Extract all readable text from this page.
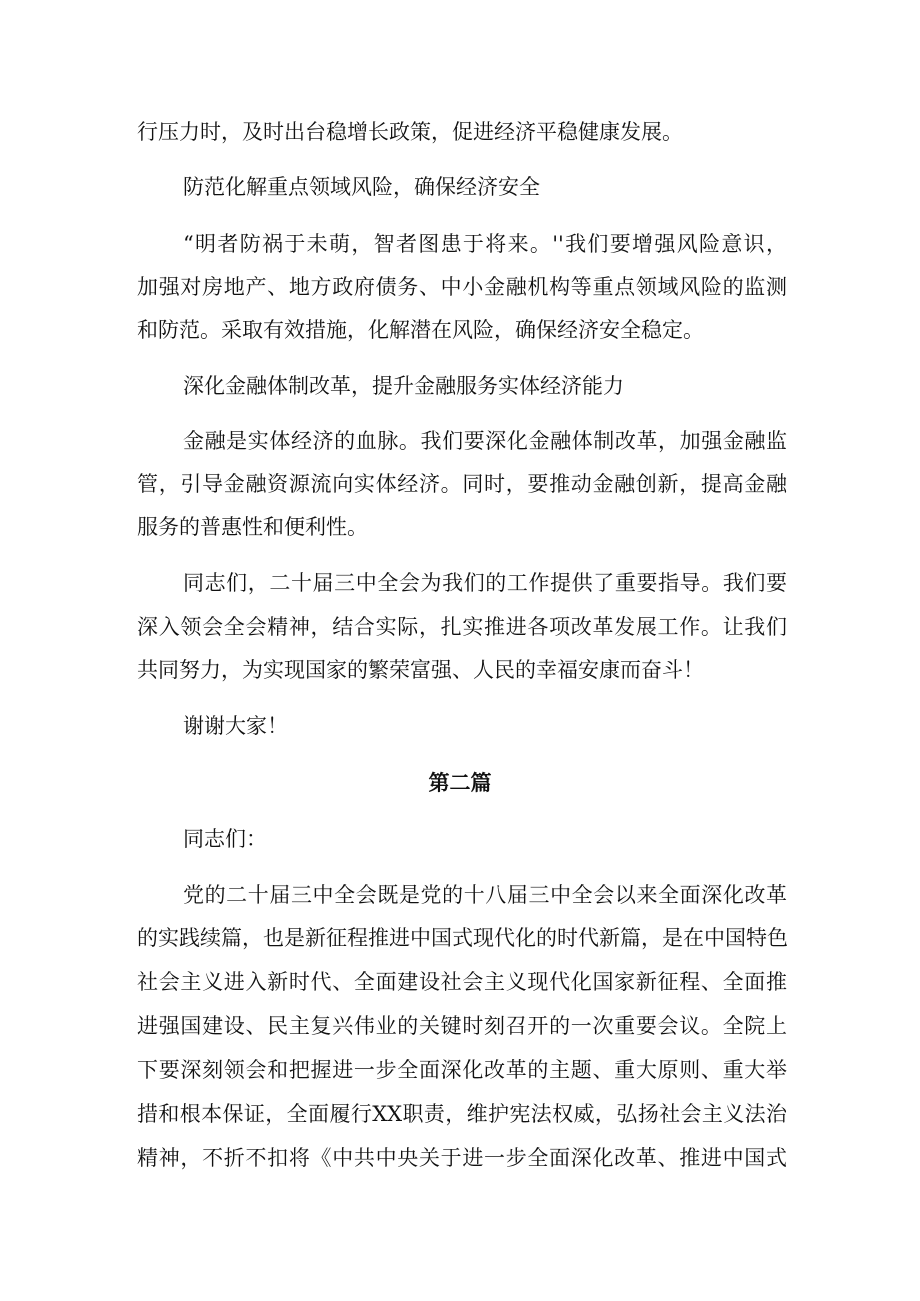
行压力时，及时出台稳增长政策，促进经济平稳健康发展。
防范化解重点领域风险，确保经济安全
“明者防祸于未萌，智者图患于将来。''我们要增强风险意识，
加强对房地产、地方政府债务、中小金融机构等重点领域风险的监测
和防范。采取有效措施，化解潜在风险，确保经济安全稳定。
深化金融体制改革，提升金融服务实体经济能力
金融是实体经济的血脉。我们要深化金融体制改革，加强金融监
管，引导金融资源流向实体经济。同时，要推动金融创新，提高金融
服务的普惠性和便利性。
同志们，二十届三中全会为我们的工作提供了重要指导。我们要
深入领会全会精神，结合实际，扎实推进各项改革发展工作。让我们
共同努力，为实现国家的繁荣富强、人民的幸福安康而奋斗！
谢谢大家！
第二篇
同志们：
党的二十届三中全会既是党的十八届三中全会以来全面深化改革
的实践续篇，也是新征程推进中国式现代化的时代新篇，是在中国特色
社会主义进入新时代、全面建设社会主义现代化国家新征程、全面推
进强国建设、民主复兴伟业的关键时刻召开的一次重要会议。全院上
下要深刻领会和把握进一步全面深化改革的主题、重大原则、重大举
措和根本保证，全面履行XX职责，维护宪法权威，弘扬社会主义法治
精神，不折不扣将《中共中央关于进一步全面深化改革、推进中国式
